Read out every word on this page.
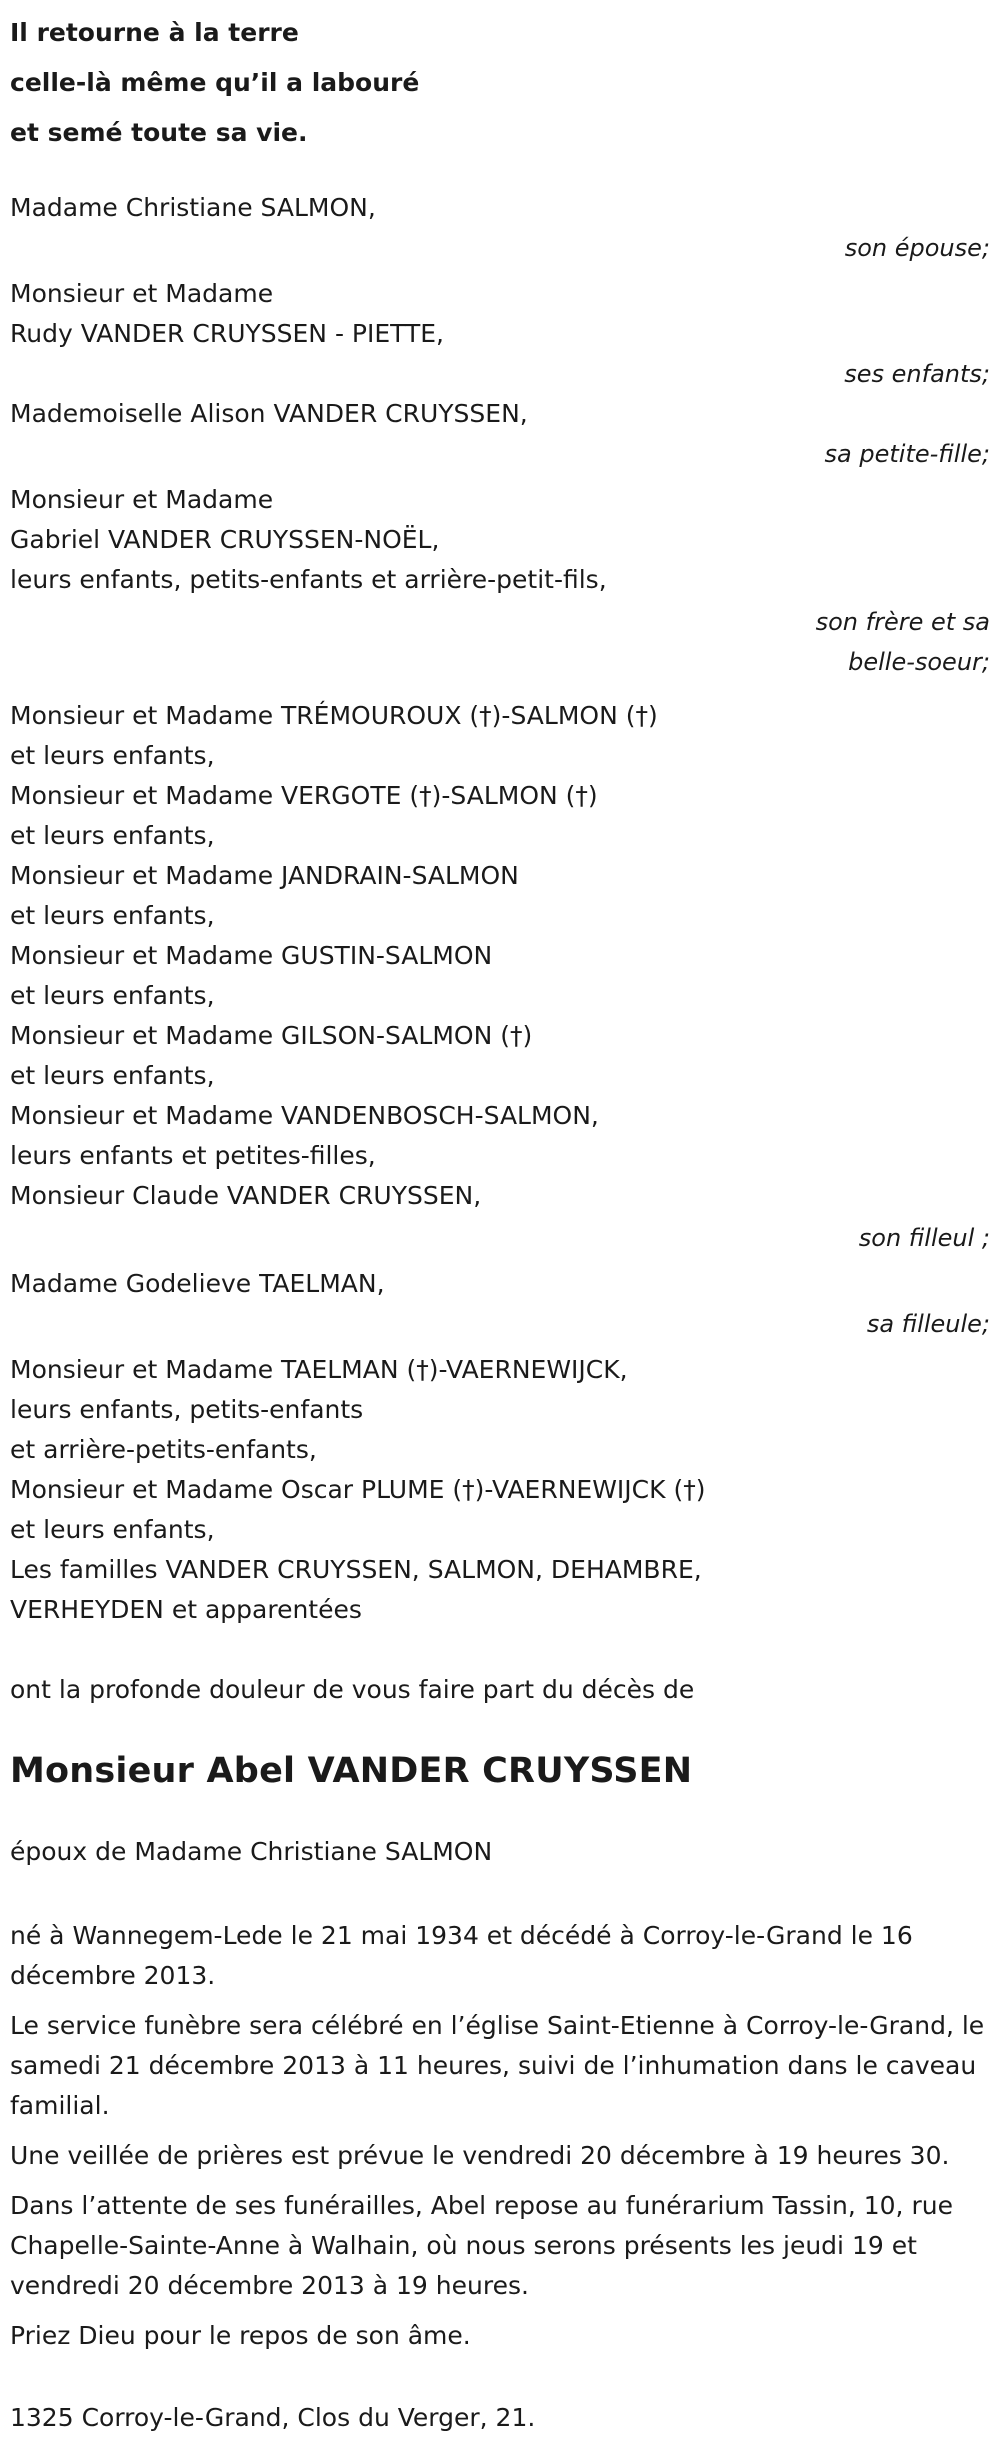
Il retourne à la terre
celle-là même qu’il a labouré
et semé toute sa vie.
Madame Christiane SALMON,
son épouse;
Monsieur et Madame
Rudy VANDER CRUYSSEN - PIETTE,
ses enfants;
Mademoiselle Alison VANDER CRUYSSEN,
sa petite-fille;
Monsieur et Madame
Gabriel VANDER CRUYSSEN-NOËL,
leurs enfants, petits-enfants et arrière-petit-fils,
son frère et sa
belle-soeur;
Monsieur et Madame TRÉMOUROUX (†)-SALMON (†)
et leurs enfants,
Monsieur et Madame VERGOTE (†)-SALMON (†)
et leurs enfants,
Monsieur et Madame JANDRAIN-SALMON
et leurs enfants,
Monsieur et Madame GUSTIN-SALMON
et leurs enfants,
Monsieur et Madame GILSON-SALMON (†)
et leurs enfants,
Monsieur et Madame VANDENBOSCH-SALMON,
leurs enfants et petites-filles,
Monsieur Claude VANDER CRUYSSEN,
son filleul ;
Madame Godelieve TAELMAN,
sa filleule;
Monsieur et Madame TAELMAN (†)-VAERNEWIJCK,
leurs enfants, petits-enfants
et arrière-petits-enfants,
Monsieur et Madame Oscar PLUME (†)-VAERNEWIJCK (†)
et leurs enfants,
Les familles VANDER CRUYSSEN, SALMON, DEHAMBRE,
VERHEYDEN et apparentées
ont la profonde douleur de vous faire part du décès de
Monsieur Abel VANDER CRUYSSEN
époux de Madame Christiane SALMON
né à Wannegem-Lede le 21 mai 1934 et décédé à Corroy-le-Grand le 16 décembre 2013.
Le service funèbre sera célébré en l’église Saint-Etienne à Corroy-le-Grand, le samedi 21 décembre 2013 à 11 heures, suivi de l’inhumation dans le caveau familial.
Une veillée de prières est prévue le vendredi 20 décembre à 19 heures 30.
Dans l’attente de ses funérailles, Abel repose au funérarium Tassin, 10, rue Chapelle-Sainte-Anne à Walhain, où nous serons présents les jeudi 19 et vendredi 20 décembre 2013 à 19 heures.
Priez Dieu pour le repos de son âme.
1325 Corroy-le-Grand, Clos du Verger, 21.
